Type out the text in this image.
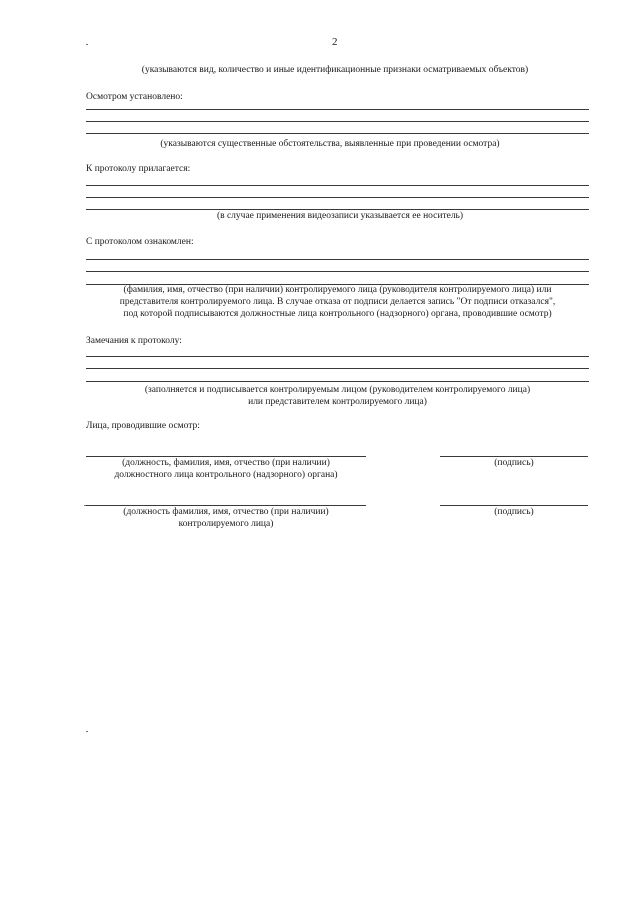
2
(указываются вид, количество и иные идентификационные признаки осматриваемых объектов)
Осмотром установлено:
(указываются существенные обстоятельства, выявленные при проведении осмотра)
К протоколу прилагается:
(в случае применения видеозаписи указывается ее носитель)
С протоколом ознакомлен:
(фамилия, имя, отчество (при наличии) контролируемого лица (руководителя контролируемого лица) или
представителя контролируемого лица. В случае отказа от подписи делается запись "От подписи отказался",
под которой подписываются должностные лица контрольного (надзорного) органа, проводившие осмотр)
Замечания к протоколу:
(заполняется и подписывается контролируемым лицом (руководителем контролируемого лица)
или представителем контролируемого лица)
Лица, проводившие осмотр:
(должность, фамилия, имя, отчество (при наличии)
должностного лица контрольного (надзорного) органа)
(подпись)
(должность фамилия, имя, отчество (при наличии)
контролируемого лица)
(подпись)
